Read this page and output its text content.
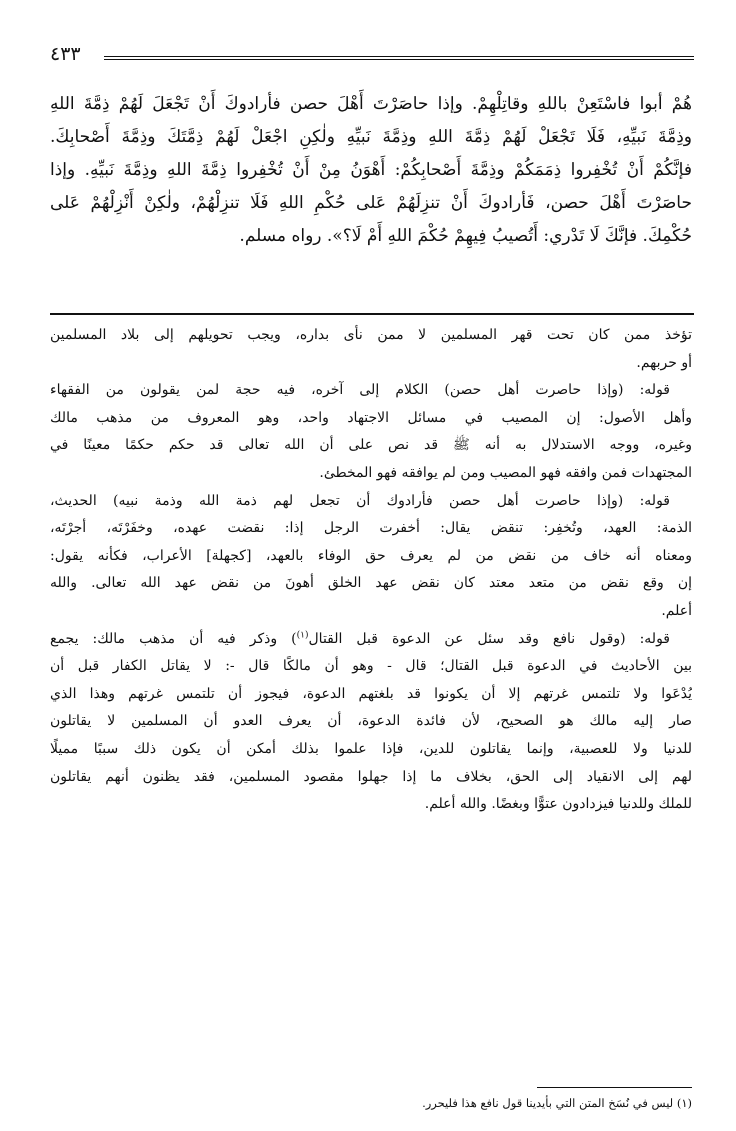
٤٣٣
هُمْ أبوا فاسْتَعِنْ باللهِ وقاتِلْهِمْ. وإذا حاصَرْتَ أَهْلَ حصن فأرادوكَ أَنْ تَجْعَلَ لَهُمْ ذِمَّةَ اللهِ
وذِمَّةَ نَبيِّهِ، فَلَا تَجْعَلْ لَهُمْ ذِمَّةَ اللهِ وذِمَّةَ نَبيِّهِ ولٰكِنِ اجْعَلْ لَهُمْ ذِمَّتَكَ وذِمَّةَ أَصْحابِكَ.
فإنَّكُمْ أَنْ تُخْفِروا ذِمَمَكُمْ وذِمَّةَ أَصْحابِكُمْ: أَهْوَنُ مِنْ أَنْ تُخْفِروا ذِمَّةَ اللهِ وذِمَّةَ نَبيِّهِ. وإذا
حاصَرْتَ أَهْلَ حصن، فَأرادوكَ أَنْ تنزِلَهُمْ عَلى حُكْمِ اللهِ فَلَا تنزِلْهُمْ، ولٰكِنْ أَنْزِلْهُمْ عَلى
حُكْمِكَ. فإنَّكَ لَا تَدْري: أَتُصيبُ فِيهِمْ حُكْمَ اللهِ أَمْ لَا؟». رواه مسلم.
تؤخذ ممن كان تحت قهر المسلمين لا ممن نأى بداره، ويجب تحويلهم إلى بلاد المسلمين
أو حربهم.
قوله: (وإذا حاصرت أهل حصن) الكلام إلى آخره، فيه حجة لمن يقولون من الفقهاء
وأهل الأصول: إن المصيب في مسائل الاجتهاد واحد، وهو المعروف من مذهب مالك
وغيره، ووجه الاستدلال به أنه ﷺ قد نص على أن الله تعالى قد حكم حكمًا معينًا في
المجتهدات فمن وافقه فهو المصيب ومن لم يوافقه فهو المخطئ.
قوله: (وإذا حاصرت أهل حصن فأرادوك أن تجعل لهم ذمة الله وذمة نبيه) الحديث،
الذمة: العهد، وتُخفِر: تنقض يقال: أخفرت الرجل إذا: نقضت عهده، وخفَرْتَه، أجرْتَه،
ومعناه أنه خاف من نقض من لم يعرف حق الوفاء بالعهد، [كجهلة] الأعراب، فكأنه يقول:
إن وقع نقض من متعد معتد كان نقض عهد الخلق أهونَ من نقض عهد الله تعالى. والله
أعلم.
قوله: (وقول نافع وقد سئل عن الدعوة قبل القتال$^{(١)}$) وذكر فيه أن مذهب مالك: يجمع
بين الأحاديث في الدعوة قبل القتال؛ قال - وهو أن مالكًا قال -: لا يقاتل الكفار قبل أن
يُدْعَوا ولا تلتمس غرتهم إلا أن يكونوا قد بلغتهم الدعوة، فيجوز أن تلتمس غرتهم وهذا الذي
صار إليه مالك هو الصحيح، لأن فائدة الدعوة، أن يعرف العدو أن المسلمين لا يقاتلون
للدنيا ولا للعصبية، وإنما يقاتلون للدين، فإذا علموا بذلك أمكن أن يكون ذلك سببًا مميلًا
لهم إلى الانقياد إلى الحق، بخلاف ما إذا جهلوا مقصود المسلمين، فقد يظنون أنهم يقاتلون
للملك وللدنيا فيزدادون عتوًّا وبغضًا. والله أعلم.
(١) ليس في نُسَخ المتن التي بأيدينا قول نافع هذا فليحرر.
